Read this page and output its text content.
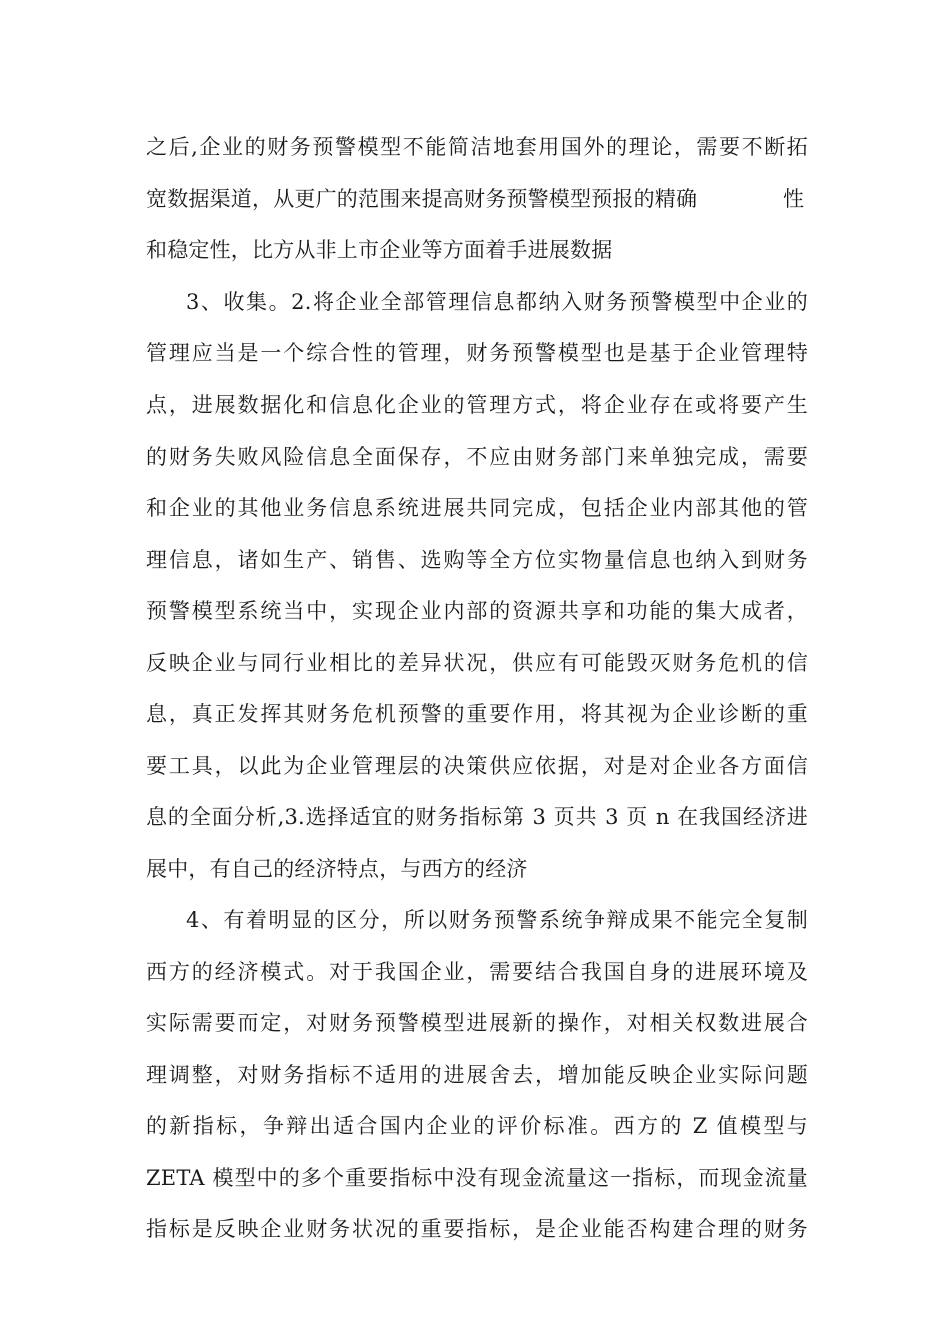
之后,企业的财务预警模型不能简洁地套用国外的理论，需要不断拓
宽数据渠道，从更广的范围来提高财务预警模型预报的精确	性
和稳定性，比方从非上市企业等方面着手进展数据
3、收集。2.将企业全部管理信息都纳入财务预警模型中企业的
管理应当是一个综合性的管理，财务预警模型也是基于企业管理特
点，进展数据化和信息化企业的管理方式，将企业存在或将要产生
的财务失败风险信息全面保存，不应由财务部门来单独完成，需要
和企业的其他业务信息系统进展共同完成，包括企业内部其他的管
理信息，诸如生产、销售、选购等全方位实物量信息也纳入到财务
预警模型系统当中，实现企业内部的资源共享和功能的集大成者，
反映企业与同行业相比的差异状况，供应有可能毁灭财务危机的信
息，真正发挥其财务危机预警的重要作用，将其视为企业诊断的重
要工具，以此为企业管理层的决策供应依据，对是对企业各方面信
息的全面分析,3.选择适宜的财务指标第 3 页共 3 页 n 在我国经济进
展中，有自己的经济特点，与西方的经济
4、有着明显的区分，所以财务预警系统争辩成果不能完全复制
西方的经济模式。对于我国企业，需要结合我国自身的进展环境及
实际需要而定，对财务预警模型进展新的操作，对相关权数进展合
理调整，对财务指标不适用的进展舍去，增加能反映企业实际问题
的新指标，争辩出适合国内企业的评价标准。西方的 Z 值模型与
ZETA 模型中的多个重要指标中没有现金流量这一指标，而现金流量
指标是反映企业财务状况的重要指标，是企业能否构建合理的财务
